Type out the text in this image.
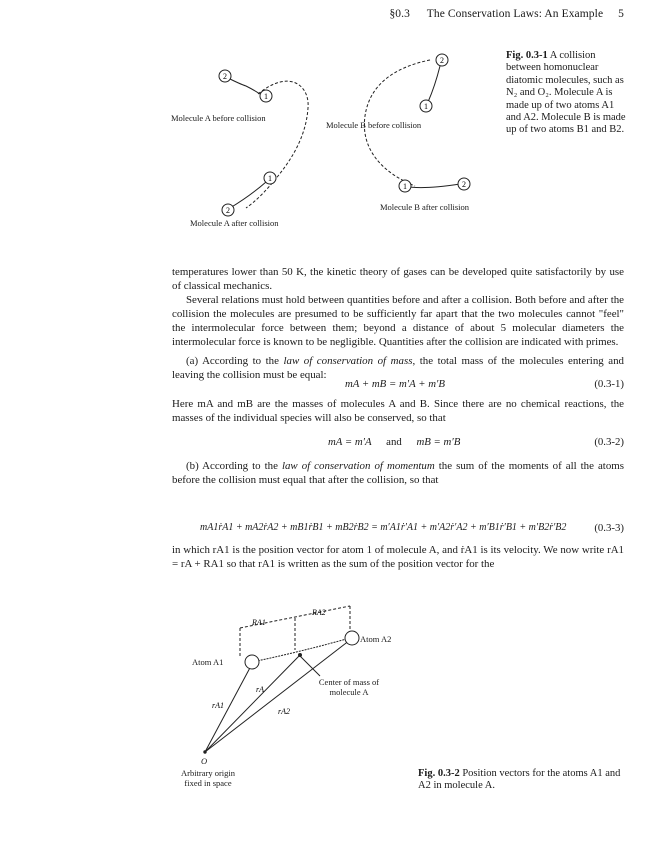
§0.3 The Conservation Laws: An Example 5
2
1
2
1
1
2
1	2
Molecule A before collision
Molecule B before collision
Molecule A after collision
Molecule B after collision
Fig. 0.3-1 A collision between homonuclear diatomic molecules, such as N₂ and O₂. Molecule A is made up of two atoms A1 and A2. Molecule B is made up of two atoms B1 and B2.

temperatures lower than 50 K, the kinetic theory of gases can be developed quite satisfactorily by use of classical mechanics.

Several relations must hold between quantities before and after a collision. Both before and after the collision the molecules are presumed to be sufficiently far apart that the two molecules cannot "feel" the intermolecular force between them; beyond a distance of about 5 molecular diameters the intermolecular force is known to be negligible. Quantities after the collision are indicated with primes.

(a) According to the law of conservation of mass, the total mass of the molecules entering and leaving the collision must be equal:

mA + mB = m′A + m′B	(0.3-1)
Here mA and mB are the masses of molecules A and B. Since there are no chemical reactions, the masses of the individual species will also be conserved, so that
mA = m′A and mB = m′B	(0.3-2)

(b) According to the law of conservation of momentum the sum of the moments of all the atoms before the collision must equal that after the collision, so that

mA1ṙA1 + mA2ṙA2 + mB1ṙB1 + mB2ṙB2 = m′A1ṙ′A1 + m′A2ṙ′A2 + m′B1ṙ′B1 + m′B2ṙ′B2	(0.3-3)
in which rA1 is the position vector for atom 1 of molecule A, and ṙA1 is its velocity. We now write rA1 = rA + RA1 so that rA1 is written as the sum of the position vector for the
RA1
RA2
rA1
rA
rA2
Atom A1
Atom A2
Center of mass of molecule A
O
Arbitrary origin fixed in space
Fig. 0.3-2 Position vectors for the atoms A1 and A2 in molecule A.
